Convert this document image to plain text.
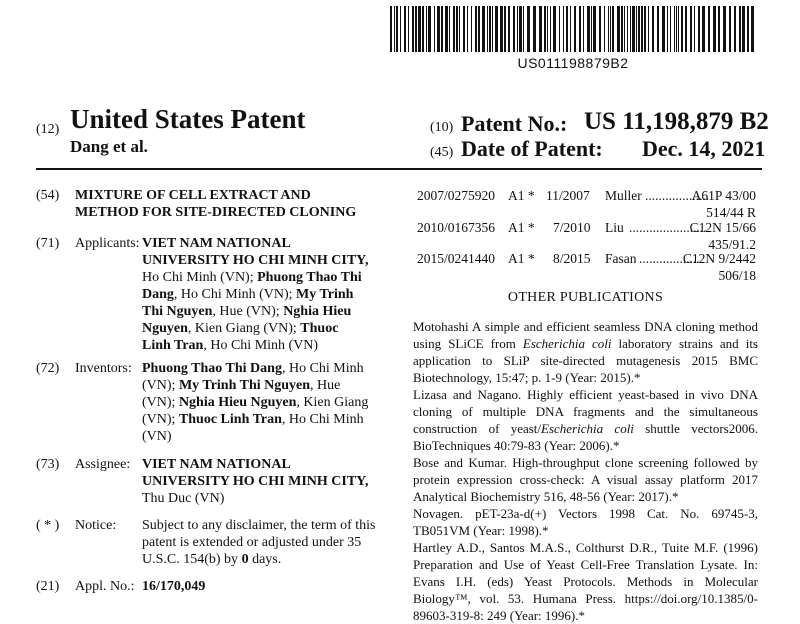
US011198879B2
(12) United States Patent
Dang et al.
(10) Patent No.: US 11,198,879 B2
(45) Date of Patent: Dec. 14, 2021
(54) MIXTURE OF CELL EXTRACT AND
METHOD FOR SITE-DIRECTED CLONING
(71) Applicants: VIET NAM NATIONAL
UNIVERSITY HO CHI MINH CITY,
Ho Chi Minh (VN); Phuong Thao Thi
Dang, Ho Chi Minh (VN); My Trinh
Thi Nguyen, Hue (VN); Nghia Hieu
Nguyen, Kien Giang (VN); Thuoc
Linh Tran, Ho Chi Minh (VN)
(72) Inventors: Phuong Thao Thi Dang, Ho Chi Minh
(VN); My Trinh Thi Nguyen, Hue
(VN); Nghia Hieu Nguyen, Kien Giang
(VN); Thuoc Linh Tran, Ho Chi Minh
(VN)
(73) Assignee: VIET NAM NATIONAL
UNIVERSITY HO CHI MINH CITY,
Thu Duc (VN)
( * ) Notice: Subject to any disclaimer, the term of this
patent is extended or adjusted under 35
U.S.C. 154(b) by 0 days.
(21) Appl. No.: 16/170,049
2007/0275920 A1 * 11/2007 Muller ...................
A61P 43/00
514/44 R
2010/0167356 A1 * 7/2010 Liu .......................
C12N 15/66
435/91.2
2015/0241440 A1 * 8/2015 Fasan ..................
C12N 9/2442
506/18
OTHER PUBLICATIONS

Motohashi A simple and efficient seamless DNA cloning method using SLiCE from Escherichia coli laboratory strains and its application to SLiP site-directed mutagenesis 2015 BMC Biotechnology, 15:47; p. 1-9 (Year: 2015).*

Lizasa and Nagano. Highly efficient yeast-based in vivo DNA cloning of multiple DNA fragments and the simultaneous construction of yeast/Escherichia coli shuttle vectors2006. BioTechniques 40:79-83 (Year: 2006).*

Bose and Kumar. High-throughput clone screening followed by protein expression cross-check: A visual assay platform 2017 Analytical Biochemistry 516, 48-56 (Year: 2017).*

Novagen. pET-23a-d(+) Vectors 1998 Cat. No. 69745-3, TB051VM (Year: 1998).*

Hartley A.D., Santos M.A.S., Colthurst D.R., Tuite M.F. (1996) Preparation and Use of Yeast Cell-Free Translation Lysate. In: Evans I.H. (eds) Yeast Protocols. Methods in Molecular Biology™, vol. 53. Humana Press. https://doi.org/10.1385/0-89603-319-8: 249 (Year: 1996).*
